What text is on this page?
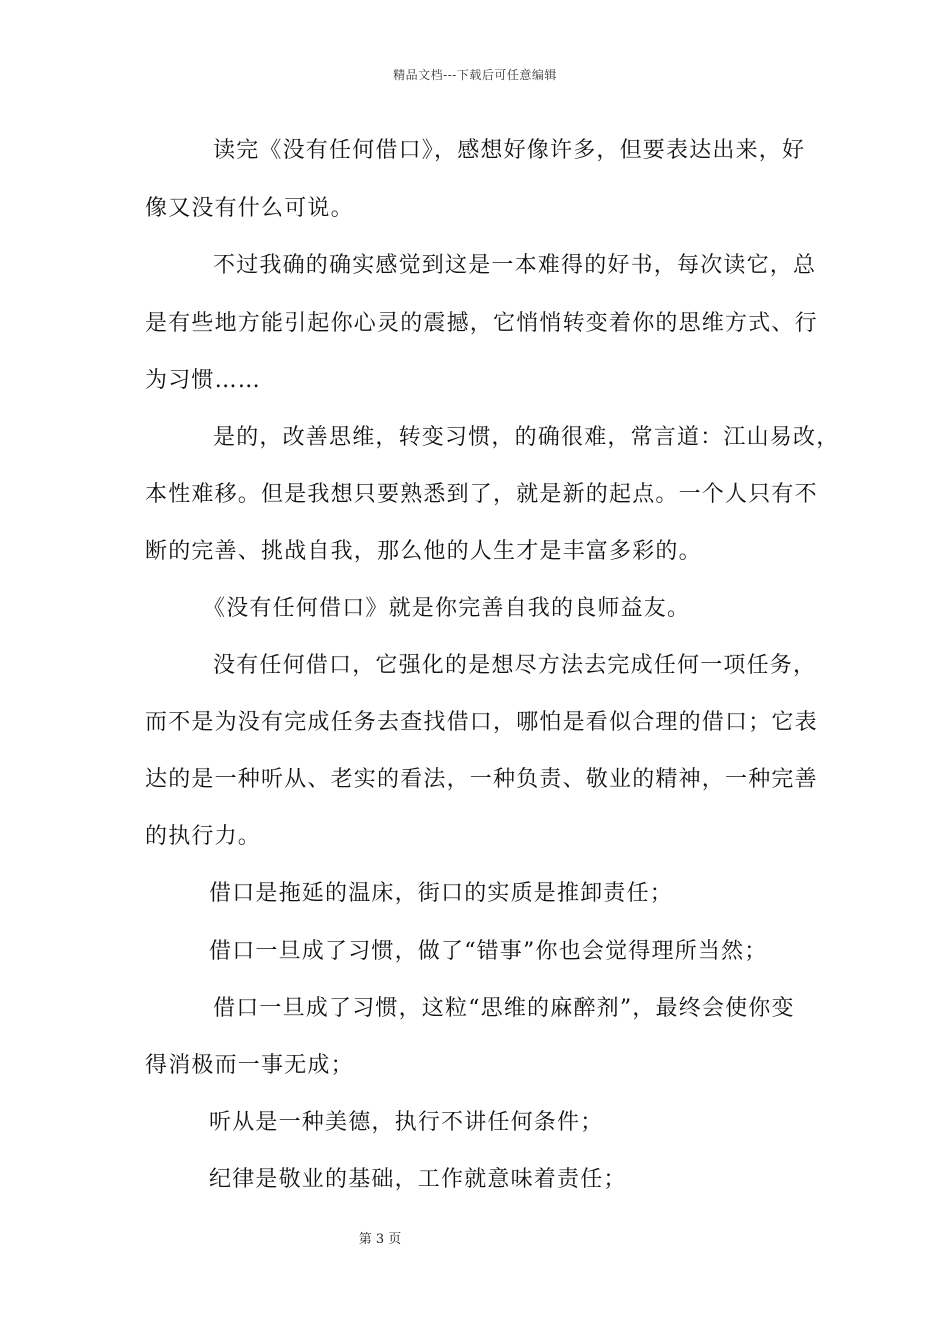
精品文档---下载后可任意编辑
读完《没有任何借口》，感想好像许多，但要表达出来，好
像又没有什么可说。
不过我确的确实感觉到这是一本难得的好书，每次读它，总
是有些地方能引起你心灵的震撼，它悄悄转变着你的思维方式、行
为习惯……
是的，改善思维，转变习惯，的确很难，常言道：江山易改，
本性难移。但是我想只要熟悉到了，就是新的起点。一个人只有不
断的完善、挑战自我，那么他的人生才是丰富多彩的。
《没有任何借口》就是你完善自我的良师益友。
没有任何借口，它强化的是想尽方法去完成任何一项任务，
而不是为没有完成任务去查找借口，哪怕是看似合理的借口；它表
达的是一种听从、老实的看法，一种负责、敬业的精神，一种完善
的执行力。
借口是拖延的温床，街口的实质是推卸责任；
借口一旦成了习惯，做了“错事”你也会觉得理所当然；
借口一旦成了习惯，这粒“思维的麻醉剂”，最终会使你变
得消极而一事无成；
听从是一种美德，执行不讲任何条件；
纪律是敬业的基础，工作就意味着责任；
第 3 页
